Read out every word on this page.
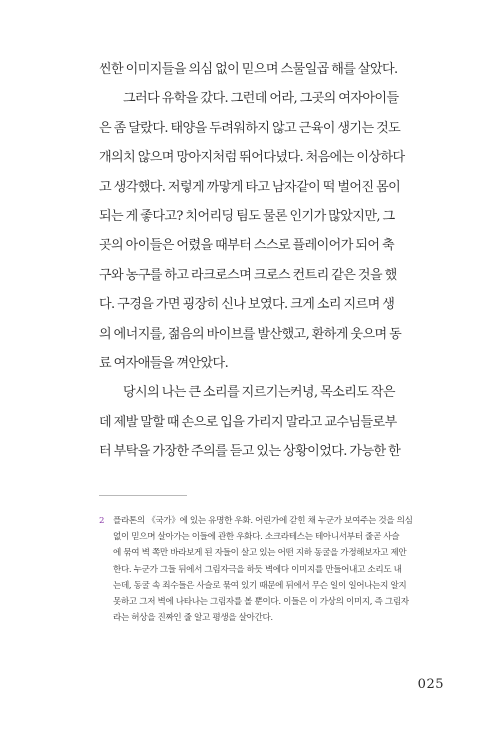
씬한 이미지들을 의심 없이 믿으며 스물일곱 해를 살았다.
그러다 유학을 갔다. 그런데 어라, 그곳의 여자아이들
은 좀 달랐다. 태양을 두려워하지 않고 근육이 생기는 것도
개의치 않으며 망아지처럼 뛰어다녔다. 처음에는 이상하다
고 생각했다. 저렇게 까맣게 타고 남자같이 떡 벌어진 몸이
되는 게 좋다고? 치어리딩 팀도 물론 인기가 많았지만, 그
곳의 아이들은 어렸을 때부터 스스로 플레이어가 되어 축
구와 농구를 하고 라크로스며 크로스 컨트리 같은 것을 했
다. 구경을 가면 굉장히 신나 보였다. 크게 소리 지르며 생
의 에너지를, 젊음의 바이브를 발산했고, 환하게 웃으며 동
료 여자애들을 껴안았다.
당시의 나는 큰 소리를 지르기는커녕, 목소리도 작은
데 제발 말할 때 손으로 입을 가리지 말라고 교수님들로부
터 부탁을 가장한 주의를 듣고 있는 상황이었다. 가능한 한
2	플라톤의 《국가》에 있는 유명한 우화. 어린가에 갇힌 채 누군가 보여주는 것을 의심
없이 믿으며 살아가는 이들에 관한 우화다. 소크라테스는 테아니서부터 줄곧 사슬
에 묶여 벽 쪽만 바라보게 된 자들이 살고 있는 어떤 지하 동굴을 가정해보자고 제안
한다. 누군가 그들 뒤에서 그림자극을 하듯 벽에다 이미지를 만들어내고 소리도 내
는데, 동굴 속 죄수들은 사슬로 묶여 있기 때문에 뒤에서 무슨 일이 일어나는지 알지
못하고 그저 벽에 나타나는 그림자를 볼 뿐이다. 이들은 이 가상의 이미지, 즉 그림자
라는 허상을 진짜인 줄 알고 평생을 살아간다.
025
